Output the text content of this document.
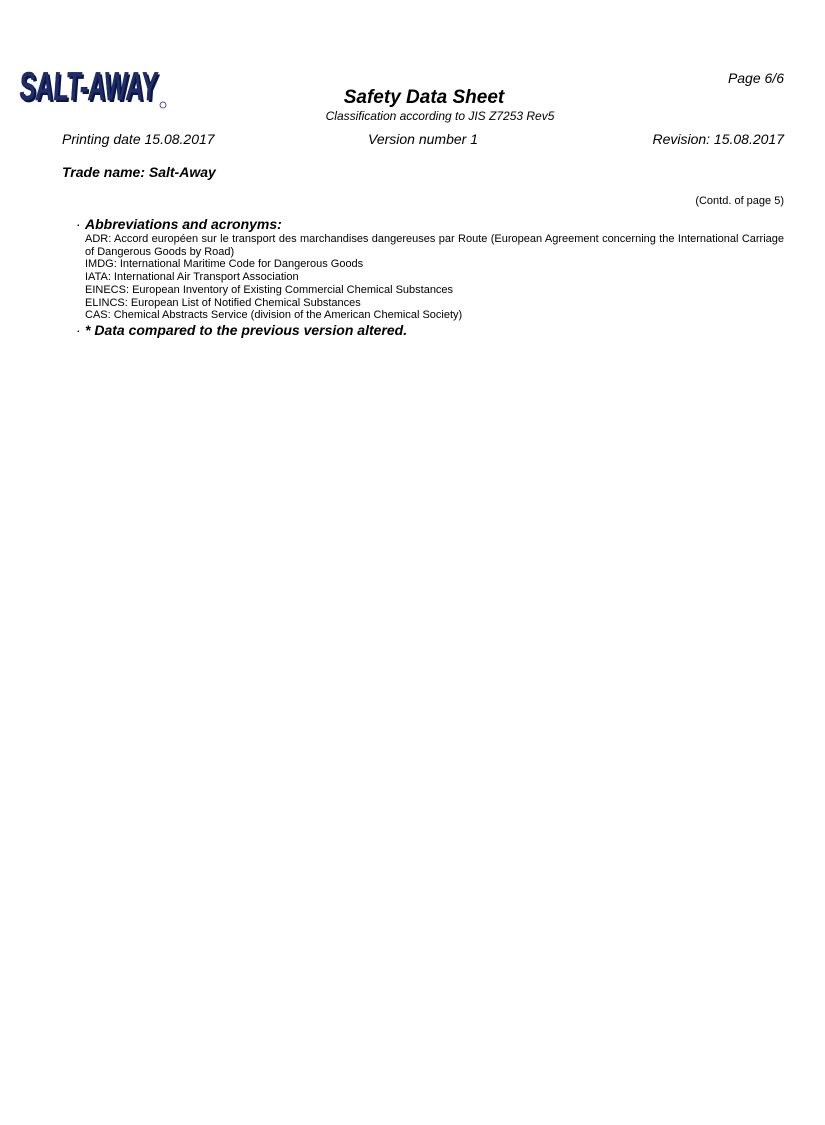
SALT-AWAY
SALT-AWAY	Page 6/6
Safety Data Sheet
Classification according to JIS Z7253 Rev5
Printing date 15.08.2017	Version number 1	Revision: 15.08.2017
Trade name: Salt-Away
(Contd. of page 5)
· Abbreviations and acronyms:
ADR: Accord européen sur le transport des marchandises dangereuses par Route (European Agreement concerning the International Carriage of Dangerous Goods by Road)
IMDG: International Maritime Code for Dangerous Goods
IATA: International Air Transport Association
EINECS: European Inventory of Existing Commercial Chemical Substances
ELINCS: European List of Notified Chemical Substances
CAS: Chemical Abstracts Service (division of the American Chemical Society)
· * Data compared to the previous version altered.
